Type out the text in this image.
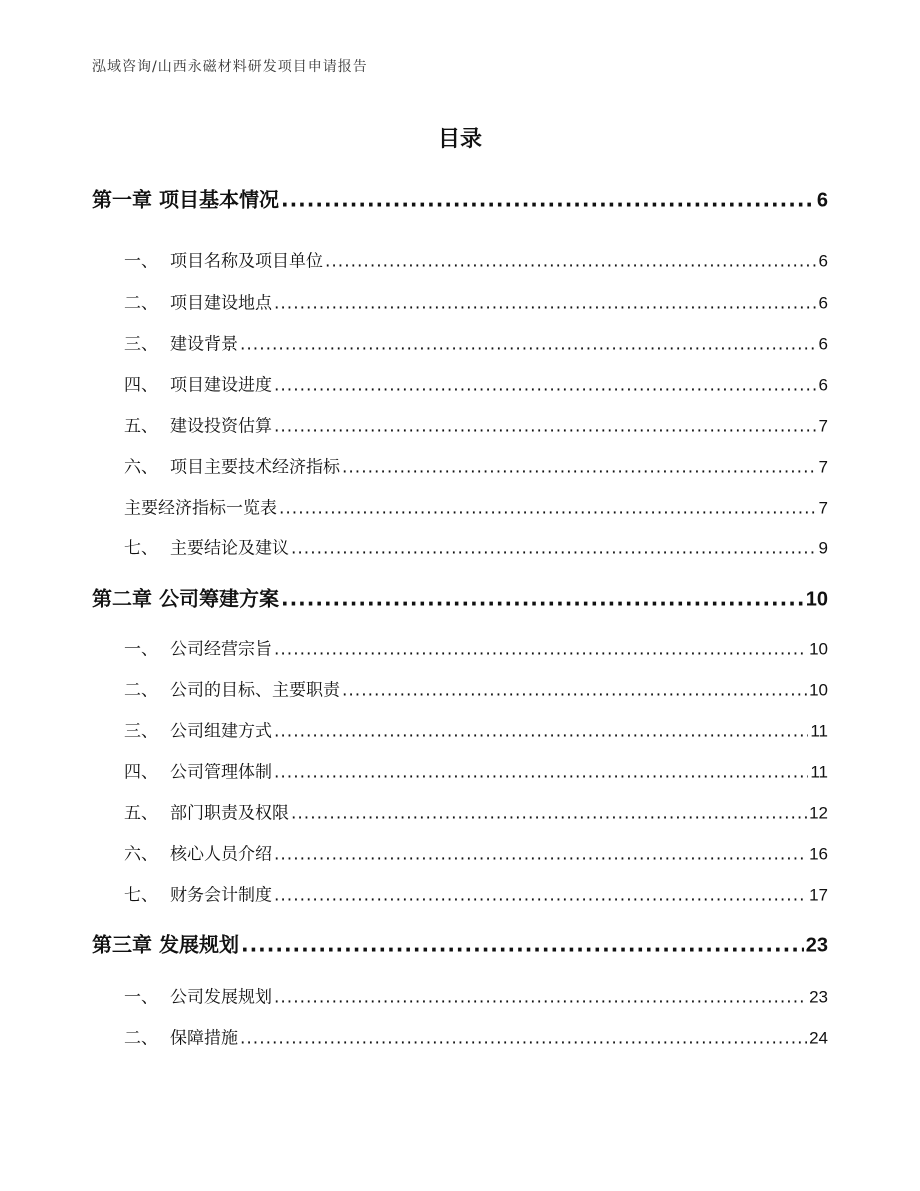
泓域咨询/山西永磁材料研发项目申请报告
目录
第一章 项目基本情况 .....	6
一、 项目名称及项目单位 .....	6
二、 项目建设地点 .....	6
三、 建设背景 .....	6
四、 项目建设进度 .....	6
五、 建设投资估算 .....	7
六、 项目主要技术经济指标 .....	7
主要经济指标一览表 .....	7
七、 主要结论及建议 .....	9
第二章 公司筹建方案 .....	10
一、 公司经营宗旨 .....	10
二、 公司的目标、主要职责 .....	10
三、 公司组建方式 .....	11
四、 公司管理体制 .....	11
五、 部门职责及权限 .....	12
六、 核心人员介绍 .....	16
七、 财务会计制度 .....	17
第三章 发展规划 .....	23
一、 公司发展规划 .....	23
二、 保障措施 .....	24
